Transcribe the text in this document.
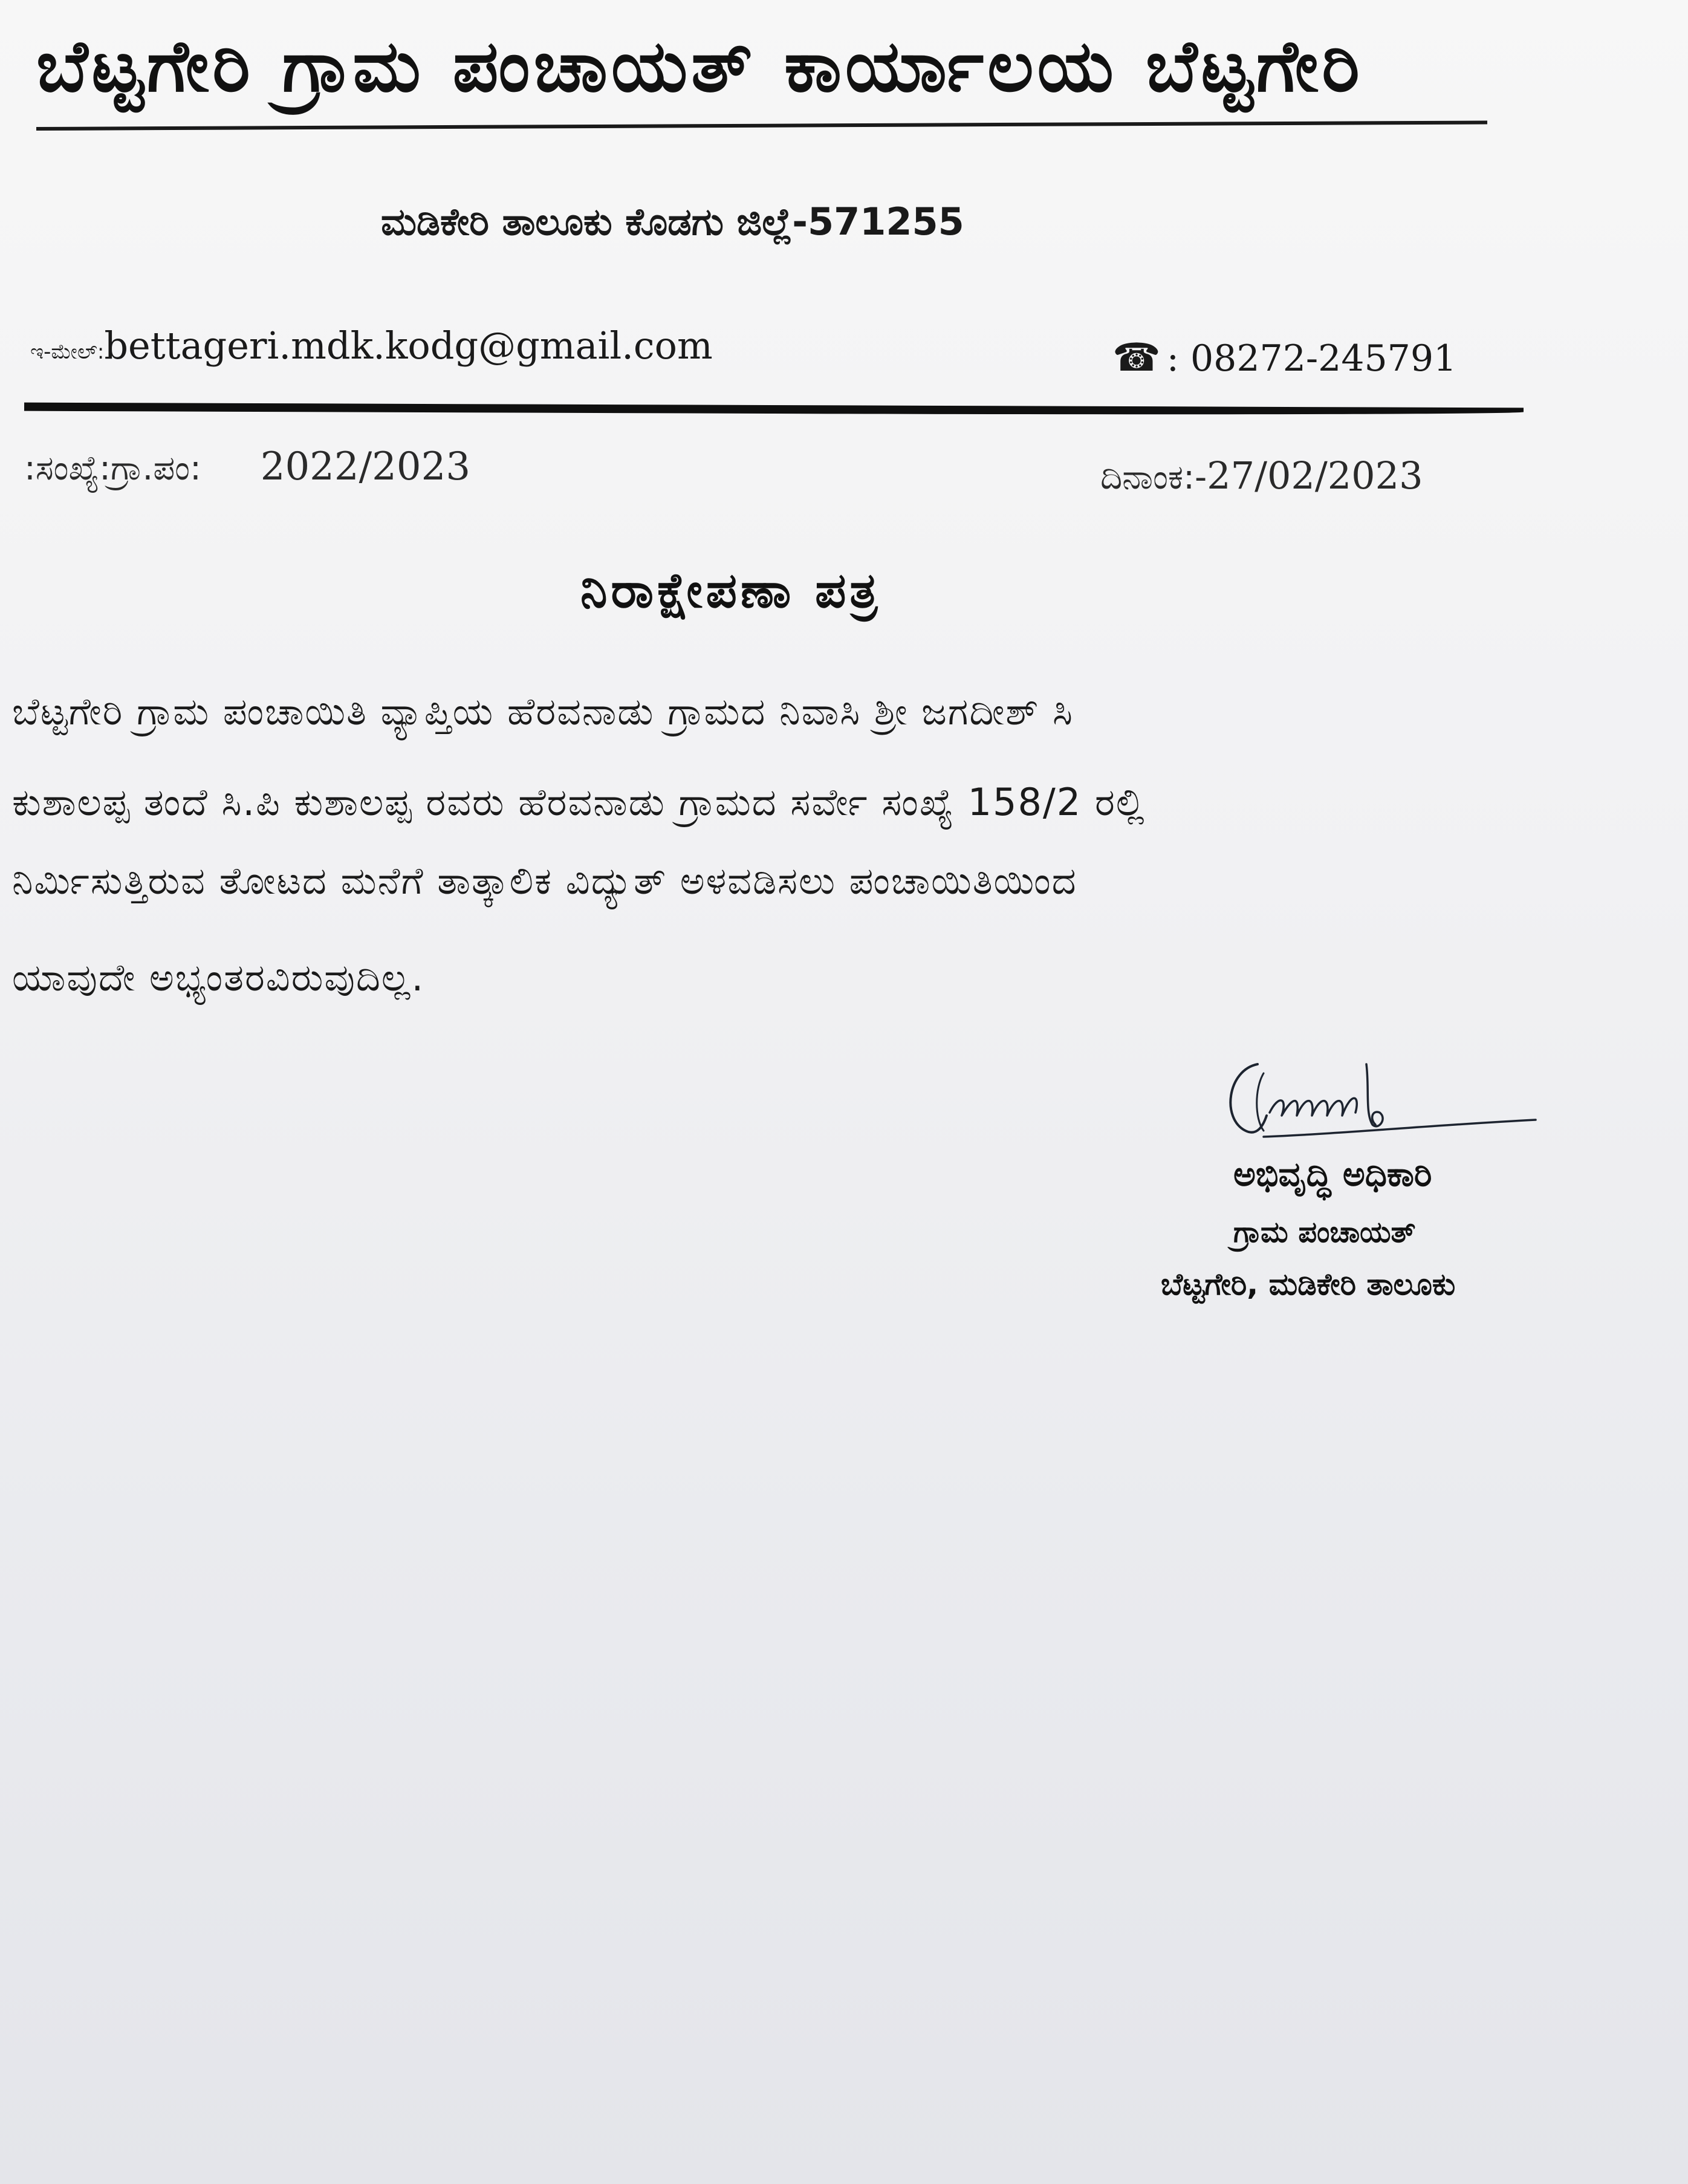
ಬೆಟ್ಟಗೇರಿ ಗ್ರಾಮ ಪಂಚಾಯತ್ ಕಾರ್ಯಾಲಯ ಬೆಟ್ಟಗೇರಿ
ಮಡಿಕೇರಿ ತಾಲೂಕು ಕೊಡಗು ಜಿಲ್ಲೆ-571255
ಇ-ಮೇಲ್:bettageri.mdk.kodg@gmail.com	☎ : 08272-245791
:ಸಂಖ್ಯೆ:ಗ್ರಾ.ಪಂ: 2022/2023	ದಿನಾಂಕ:-27/02/2023
ನಿರಾಕ್ಷೇಪಣಾ ಪತ್ರ
ಬೆಟ್ಟಗೇರಿ ಗ್ರಾಮ ಪಂಚಾಯಿತಿ ವ್ಯಾಪ್ತಿಯ ಹೆರವನಾಡು ಗ್ರಾಮದ ನಿವಾಸಿ ಶ್ರೀ ಜಗದೀಶ್ ಸಿ
ಕುಶಾಲಪ್ಪ ತಂದೆ ಸಿ.ಪಿ ಕುಶಾಲಪ್ಪ ರವರು ಹೆರವನಾಡು ಗ್ರಾಮದ ಸರ್ವೇ ಸಂಖ್ಯೆ 158/2 ರಲ್ಲಿ
ನಿರ್ಮಿಸುತ್ತಿರುವ ತೋಟದ ಮನೆಗೆ ತಾತ್ಕಾಲಿಕ ವಿದ್ಯುತ್ ಅಳವಡಿಸಲು ಪಂಚಾಯಿತಿಯಿಂದ
ಯಾವುದೇ ಅಭ್ಯಂತರವಿರುವುದಿಲ್ಲ.
ಅಭಿವೃದ್ಧಿ ಅಧಿಕಾರಿ
ಗ್ರಾಮ ಪಂಚಾಯತ್
ಬೆಟ್ಟಗೇರಿ, ಮಡಿಕೇರಿ ತಾಲೂಕು
